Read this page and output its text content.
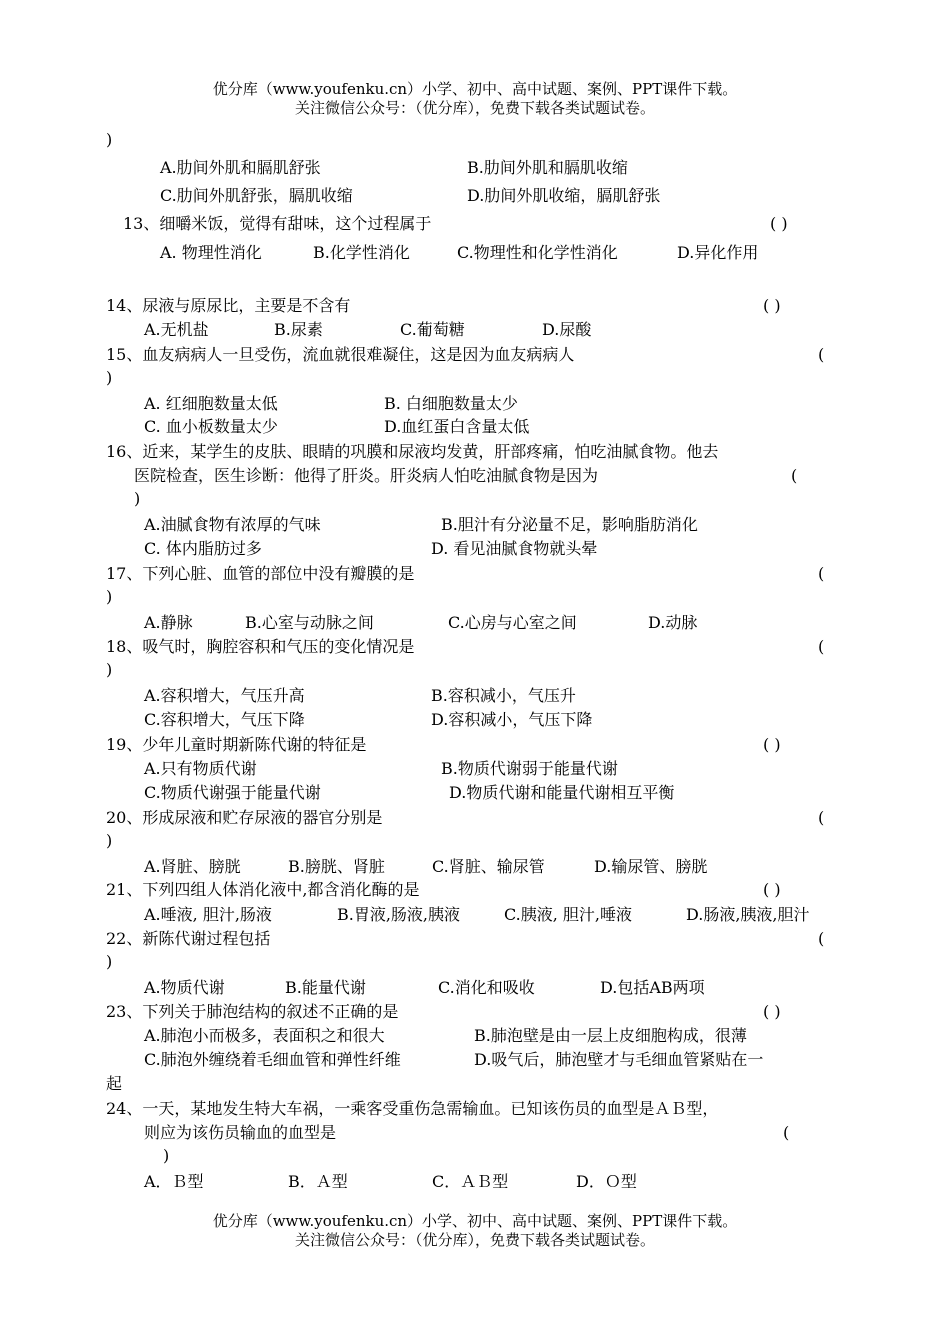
优分库（www.youfenku.cn）小学、初中、高中试题、案例、PPT课件下载。
关注微信公众号：（优分库），免费下载各类试题试卷。
)
A.肋间外肌和膈肌舒张	B.肋间外肌和膈肌收缩
C.肋间外肌舒张，膈肌收缩	D.肋间外肌收缩，膈肌舒张
13、细嚼米饭，觉得有甜味，这个过程属于	( )
A. 物理性消化	B.化学性消化	C.物理性和化学性消化	D.异化作用
14、尿液与原尿比，主要是不含有	( )
A.无机盐	B.尿素	C.葡萄糖	D.尿酸
15、血友病病人一旦受伤，流血就很难凝住，这是因为血友病病人	(
)
A. 红细胞数量太低	B. 白细胞数量太少
C. 血小板数量太少	D.血红蛋白含量太低
16、近来，某学生的皮肤、眼睛的巩膜和尿液均发黄，肝部疼痛，怕吃油腻食物。他去
医院检查，医生诊断：他得了肝炎。肝炎病人怕吃油腻食物是因为	(
)
A.油腻食物有浓厚的气味	B.胆汁有分泌量不足，影响脂肪消化
C. 体内脂肪过多	D. 看见油腻食物就头晕
17、下列心脏、血管的部位中没有瓣膜的是	(
)
A.静脉	B.心室与动脉之间	C.心房与心室之间	D.动脉
18、吸气时，胸腔容积和气压的变化情况是	(
)
A.容积增大，气压升高	B.容积减小，气压升
C.容积增大，气压下降	D.容积减小，气压下降
19、少年儿童时期新陈代谢的特征是	( )
A.只有物质代谢	B.物质代谢弱于能量代谢
C.物质代谢强于能量代谢	D.物质代谢和能量代谢相互平衡
20、形成尿液和贮存尿液的器官分别是	(
)
A.肾脏、膀胱	B.膀胱、肾脏	C.肾脏、输尿管	D.输尿管、膀胱
21、下列四组人体消化液中,都含消化酶的是	( )
A.唾液, 胆汁,肠液	B.胃液,肠液,胰液	C.胰液, 胆汁,唾液	D.肠液,胰液,胆汁
22、新陈代谢过程包括	(
)
A.物质代谢	B.能量代谢	C.消化和吸收	D.包括AB两项
23、下列关于肺泡结构的叙述不正确的是	( )
A.肺泡小而极多，表面积之和很大	B.肺泡壁是由一层上皮细胞构成，很薄
C.肺泡外缠绕着毛细血管和弹性纤维	D.吸气后，肺泡壁才与毛细血管紧贴在一
起
24、一天，某地发生特大车祸，一乘客受重伤急需输血。已知该伤员的血型是ＡＢ型，
则应为该伤员输血的血型是	(
)
A．Ｂ型	B．Ａ型	C．ＡＢ型	D．Ｏ型
优分库（www.youfenku.cn）小学、初中、高中试题、案例、PPT课件下载。
关注微信公众号：（优分库），免费下载各类试题试卷。
